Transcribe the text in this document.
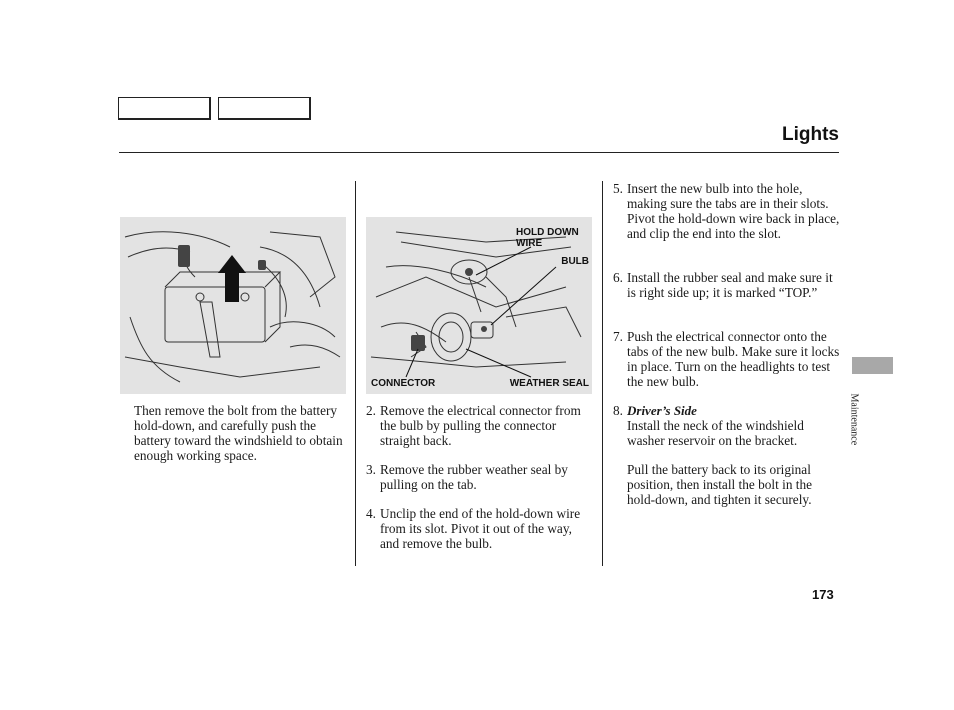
Lights
HOLD DOWN
WIRE
BULB
CONNECTOR	WEATHER SEAL

Then remove the bolt from the battery hold-down, and carefully push the battery toward the windshield to obtain enough working space.

2. Remove the electrical connector from the bulb by pulling the connector straight back.
3. Remove the rubber weather seal by pulling on the tab.
4. Unclip the end of the hold-down wire from its slot. Pivot it out of the way, and remove the bulb.
5. Insert the new bulb into the hole, making sure the tabs are in their slots. Pivot the hold-down wire back in place, and clip the end into the slot.
6. Install the rubber seal and make sure it is right side up; it is marked “TOP.”
7. Push the electrical connector onto the tabs of the new bulb. Make sure it locks in place. Turn on the headlights to test the new bulb.
8. Driver’s Side
Install the neck of the windshield washer reservoir on the bracket.

Pull the battery back to its original position, then install the bolt in the hold-down, and tighten it securely.

Maintenance
173
